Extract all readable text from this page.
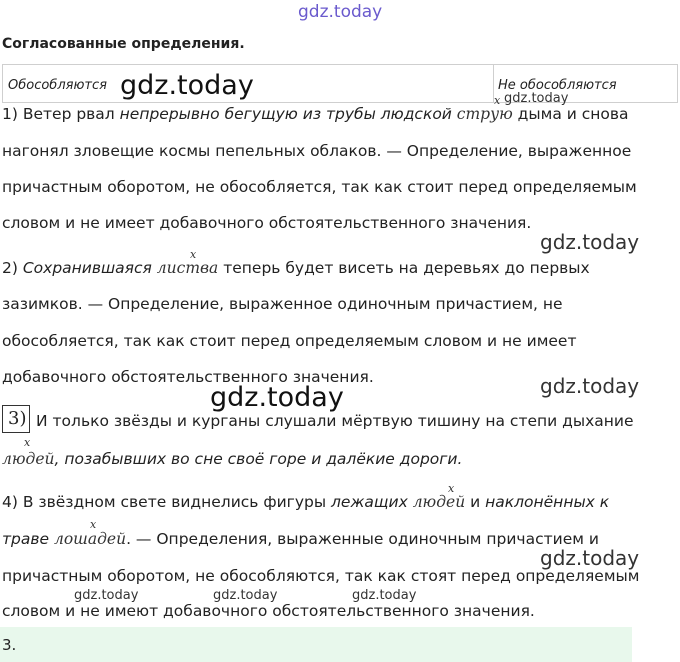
gdz.today
Согласованные определения.
Обособляются	Не обособляются
gdz.today	gdz.today
gdz.today
gdz.today
gdz.today
gdz.today
gdz.today	gdz.today	gdz.today
x
1) Ветер рвал непрерывно бегущую из трубы людской струю дыма и снова
нагонял зловещие космы пепельных облаков. — Определение, выраженное
причастным оборотом, не обособляется, так как стоит перед определяемым
словом и не имеет добавочного обстоятельственного значения.
x
2) Сохранившаяся листва теперь будет висеть на деревьях до первых
зазимков. — Определение, выраженное одиночным причастием, не
обособляется, так как стоит перед определяемым словом и не имеет
добавочного обстоятельственного значения.
3) И только звёзды и курганы слушали мёртвую тишину на степи дыхание
x
людей, позабывших во сне своё горе и далёкие дороги.
x
4) В звёздном свете виднелись фигуры лежащих людей и наклонённых к
x
траве лошадей. — Определения, выраженные одиночным причастием и
причастным оборотом, не обособляются, так как стоят перед определяемым
словом и не имеют добавочного обстоятельственного значения.
3.
